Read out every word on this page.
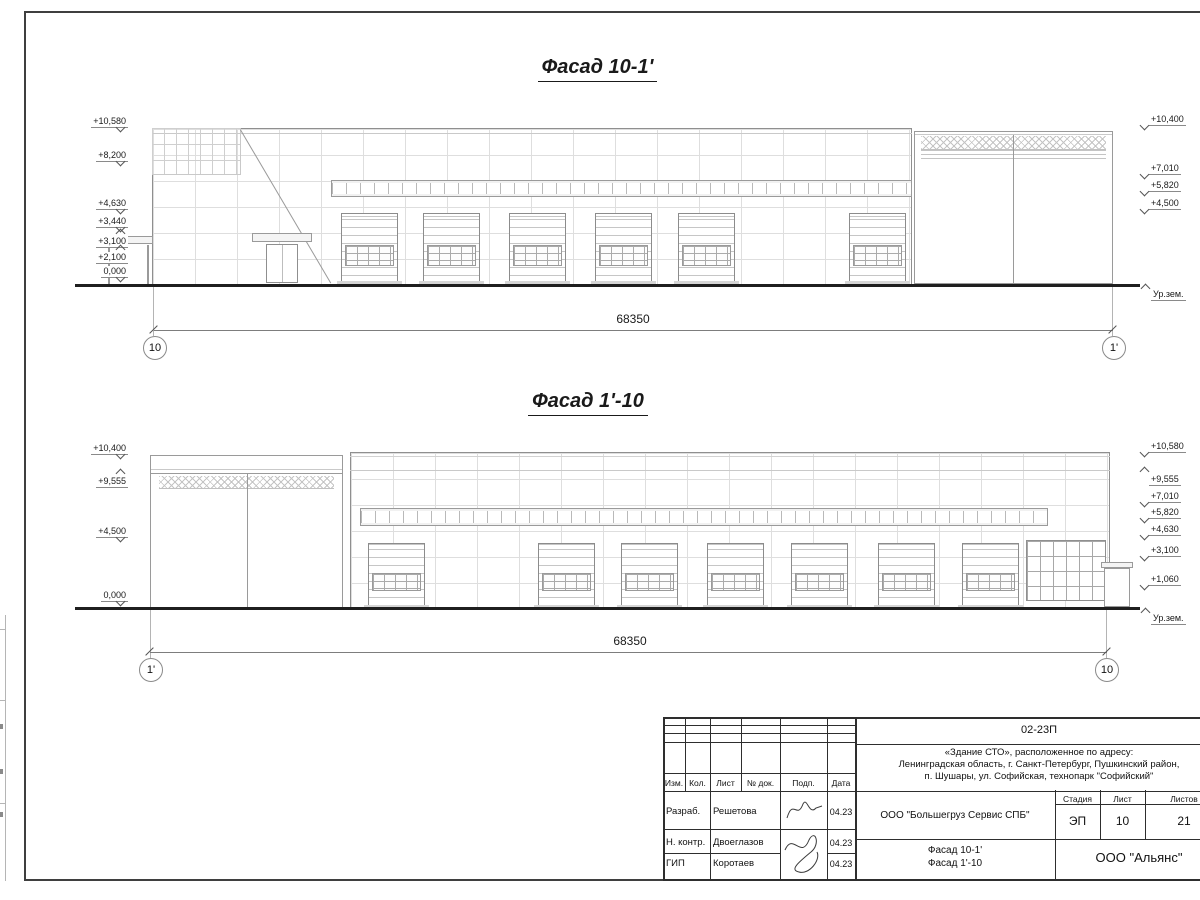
Фасад 10-1'
68350
10	1'
+10,580
+8,200
+4,630
+3,440
+3,100
+2,100
0,000
+10,400
+7,010
+5,820
+4,500
Ур.зем.
Фасад 1'-10
68350
1'	10
+10,400
+9,555
+4,500
0,000
+10,580
+9,555
+7,010
+5,820
+4,630
+3,100
+1,060
Ур.зем.
Изм. Кол.	Лист	№ док.	Подп.	Дата
Разраб. Решетова	04.23
Н. контр. Двоеглазов	04.23
ГИП	Коротаев	04.23
02-23П
«Здание СТО», расположенное по адресу:
Ленинградская область, г. Санкт-Петербург, Пушкинский район,
п. Шушары, ул. Софийская, технопарк "Софийский"
ООО "Большегруз Сервис СПБ"
Стадия	Лист	Листов
ЭП	10	21
Фасад 10-1'
Фасад 1'-10	ООО "Альянс"
